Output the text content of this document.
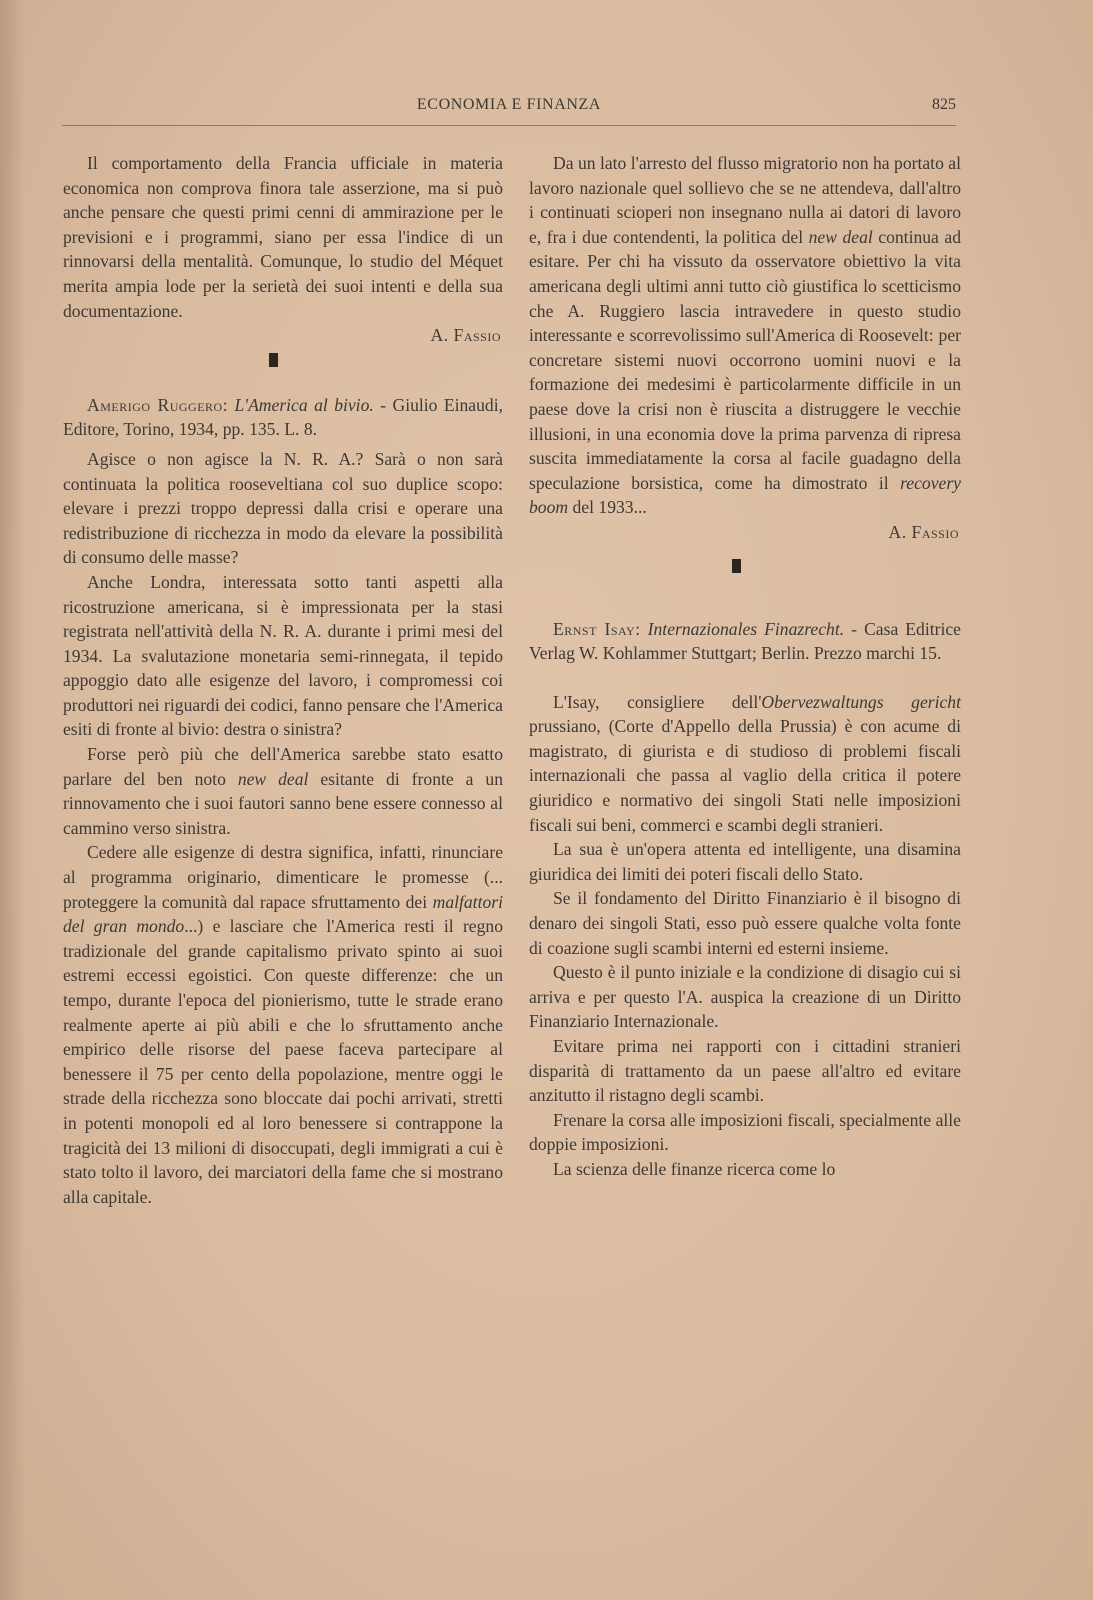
ECONOMIA E FINANZA	825

Il comportamento della Francia ufficiale in materia economica non comprova finora tale asserzione, ma si può anche pensare che questi primi cenni di ammirazione per le previsioni e i programmi, siano per essa l'indice di un rinnovarsi della mentalità. Comunque, lo studio del Méquet merita ampia lode per la serietà dei suoi intenti e della sua documentazione.

A. Fassio

Amerigo Ruggero: L'America al bivio. - Giulio Einaudi, Editore, Torino, 1934, pp. 135. L. 8.

Agisce o non agisce la N. R. A.? Sarà o non sarà continuata la politica rooseveltiana col suo duplice scopo: elevare i prezzi troppo depressi dalla crisi e operare una redistribuzione di ricchezza in modo da elevare la possibilità di consumo delle masse?

Anche Londra, interessata sotto tanti aspetti alla ricostruzione americana, si è impressionata per la stasi registrata nell'attività della N. R. A. durante i primi mesi del 1934. La svalutazione monetaria semi-rinnegata, il tepido appoggio dato alle esigenze del lavoro, i compromessi coi produttori nei riguardi dei codici, fanno pensare che l'America esiti di fronte al bivio: destra o sinistra?

Forse però più che dell'America sarebbe stato esatto parlare del ben noto new deal esitante di fronte a un rinnovamento che i suoi fautori sanno bene essere connesso al cammino verso sinistra.

Cedere alle esigenze di destra significa, infatti, rinunciare al programma originario, dimenticare le promesse (... proteggere la comunità dal rapace sfruttamento dei malfattori del gran mondo...) e lasciare che l'America resti il regno tradizionale del grande capitalismo privato spinto ai suoi estremi eccessi egoistici. Con queste differenze: che un tempo, durante l'epoca del pionierismo, tutte le strade erano realmente aperte ai più abili e che lo sfruttamento anche empirico delle risorse del paese faceva partecipare al benessere il 75 per cento della popolazione, mentre oggi le strade della ricchezza sono bloccate dai pochi arrivati, stretti in potenti monopoli ed al loro benessere si contrappone la tragicità dei 13 milioni di disoccupati, degli immigrati a cui è stato tolto il lavoro, dei marciatori della fame che si mostrano alla capitale.

Da un lato l'arresto del flusso migratorio non ha portato al lavoro nazionale quel sollievo che se ne attendeva, dall'altro i continuati scioperi non insegnano nulla ai datori di lavoro e, fra i due contendenti, la politica del new deal continua ad esitare. Per chi ha vissuto da osservatore obiettivo la vita americana degli ultimi anni tutto ciò giustifica lo scetticismo che A. Ruggiero lascia intravedere in questo studio interessante e scorrevolissimo sull'America di Roosevelt: per concretare sistemi nuovi occorrono uomini nuovi e la formazione dei medesimi è particolarmente difficile in un paese dove la crisi non è riuscita a distruggere le vecchie illusioni, in una economia dove la prima parvenza di ripresa suscita immediatamente la corsa al facile guadagno della speculazione borsistica, come ha dimostrato il recovery boom del 1933...

A. Fassio

Ernst Isay: Internazionales Finazrecht. - Casa Editrice Verlag W. Kohlammer Stuttgart; Berlin. Prezzo marchi 15.

L'Isay, consigliere dell'Obervezwaltungs gericht prussiano, (Corte d'Appello della Prussia) è con acume di magistrato, di giurista e di studioso di problemi fiscali internazionali che passa al vaglio della critica il potere giuridico e normativo dei singoli Stati nelle imposizioni fiscali sui beni, commerci e scambi degli stranieri.

La sua è un'opera attenta ed intelligente, una disamina giuridica dei limiti dei poteri fiscali dello Stato.

Se il fondamento del Diritto Finanziario è il bisogno di denaro dei singoli Stati, esso può essere qualche volta fonte di coazione sugli scambi interni ed esterni insieme.

Questo è il punto iniziale e la condizione di disagio cui si arriva e per questo l'A. auspica la creazione di un Diritto Finanziario Internazionale.

Evitare prima nei rapporti con i cittadini stranieri disparità di trattamento da un paese all'altro ed evitare anzitutto il ristagno degli scambi.

Frenare la corsa alle imposizioni fiscali, specialmente alle doppie imposizioni.

La scienza delle finanze ricerca come lo
